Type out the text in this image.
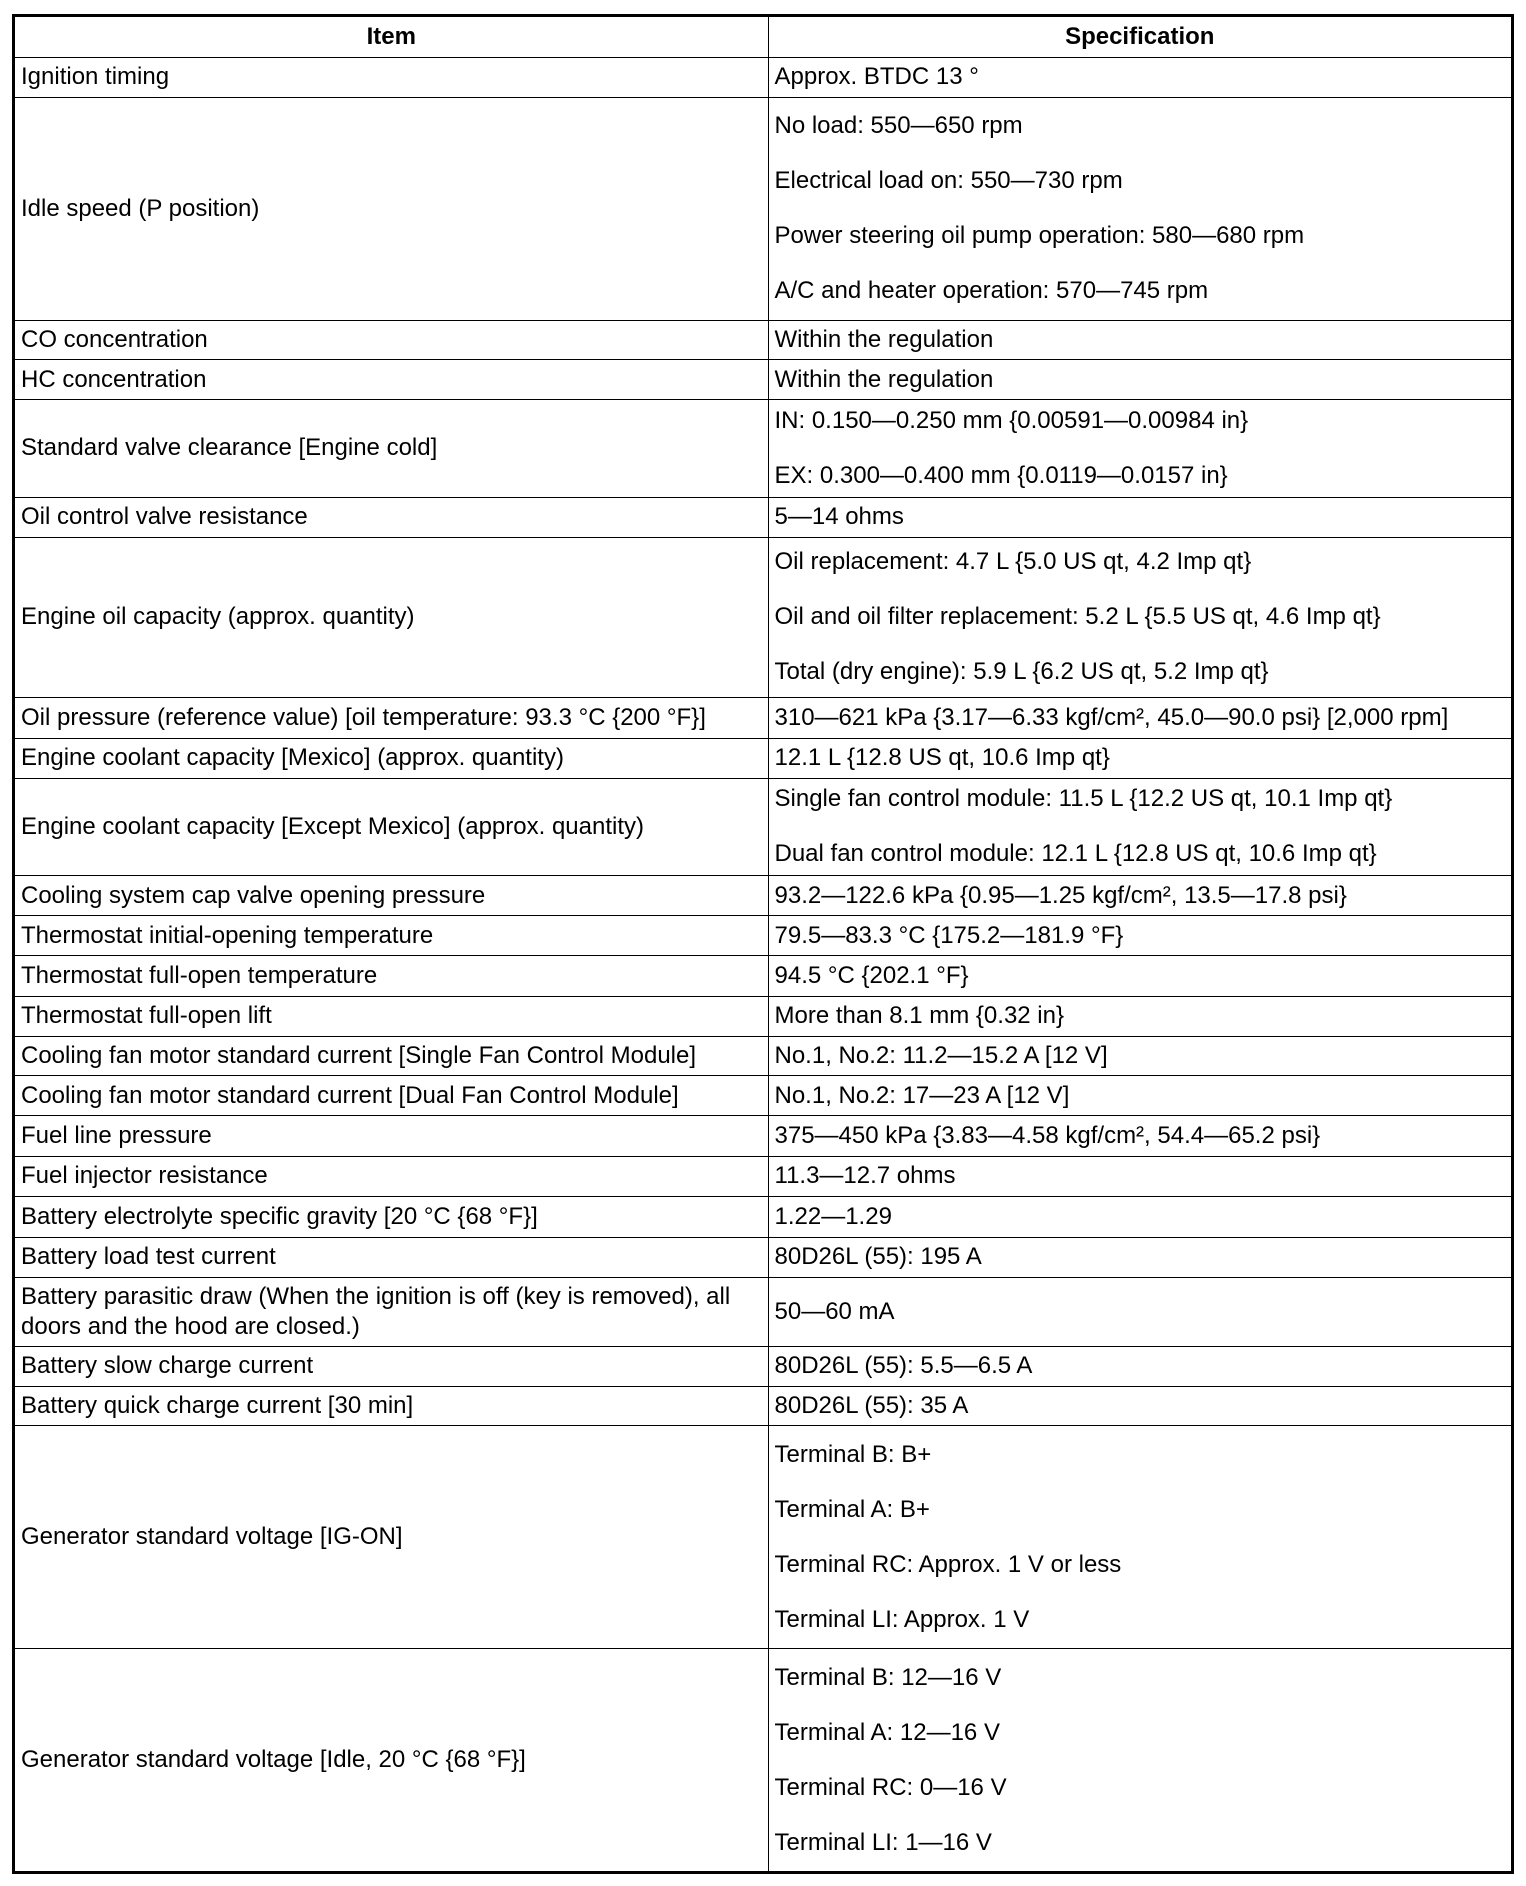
Item	Specification
Ignition timing	Approx. BTDC 13 °

Idle speed (P position)	No load: 550—650 rpm
Electrical load on: 550—730 rpm
Power steering oil pump operation: 580—680 rpm
A/C and heater operation: 570—745 rpm

CO concentration	Within the regulation

HC concentration	Within the regulation

Standard valve clearance [Engine cold]	IN: 0.150—0.250 mm {0.00591—0.00984 in}
EX: 0.300—0.400 mm {0.0119—0.0157 in}

Oil control valve resistance	5—14 ohms

Engine oil capacity (approx. quantity)	Oil replacement: 4.7 L {5.0 US qt, 4.2 Imp qt}
Oil and oil filter replacement: 5.2 L {5.5 US qt, 4.6 Imp qt}
Total (dry engine): 5.9 L {6.2 US qt, 5.2 Imp qt}

Oil pressure (reference value) [oil temperature: 93.3 °C {200 °F}]	310—621 kPa {3.17—6.33 kgf/cm², 45.0—90.0 psi} [2,000 rpm]

Engine coolant capacity [Mexico] (approx. quantity)	12.1 L {12.8 US qt, 10.6 Imp qt}

Engine coolant capacity [Except Mexico] (approx. quantity)	Single fan control module: 11.5 L {12.2 US qt, 10.1 Imp qt}
Dual fan control module: 12.1 L {12.8 US qt, 10.6 Imp qt}

Cooling system cap valve opening pressure	93.2—122.6 kPa {0.95—1.25 kgf/cm², 13.5—17.8 psi}

Thermostat initial-opening temperature	79.5—83.3 °C {175.2—181.9 °F}

Thermostat full-open temperature	94.5 °C {202.1 °F}

Thermostat full-open lift	More than 8.1 mm {0.32 in}

Cooling fan motor standard current [Single Fan Control Module]	No.1, No.2: 11.2—15.2 A [12 V]

Cooling fan motor standard current [Dual Fan Control Module]	No.1, No.2: 17—23 A [12 V]

Fuel line pressure	375—450 kPa {3.83—4.58 kgf/cm², 54.4—65.2 psi}

Fuel injector resistance	11.3—12.7 ohms

Battery electrolyte specific gravity [20 °C {68 °F}]	1.22—1.29

Battery load test current	80D26L (55): 195 A

Battery parasitic draw (When the ignition is off (key is removed), all doors and the hood are closed.)	50—60 mA

Battery slow charge current	80D26L (55): 5.5—6.5 A

Battery quick charge current [30 min]	80D26L (55): 35 A

Generator standard voltage [IG-ON]	Terminal B: B+
Terminal A: B+
Terminal RC: Approx. 1 V or less
Terminal LI: Approx. 1 V

Generator standard voltage [Idle, 20 °C {68 °F}]	Terminal B: 12—16 V
Terminal A: 12—16 V
Terminal RC: 0—16 V
Terminal LI: 1—16 V
